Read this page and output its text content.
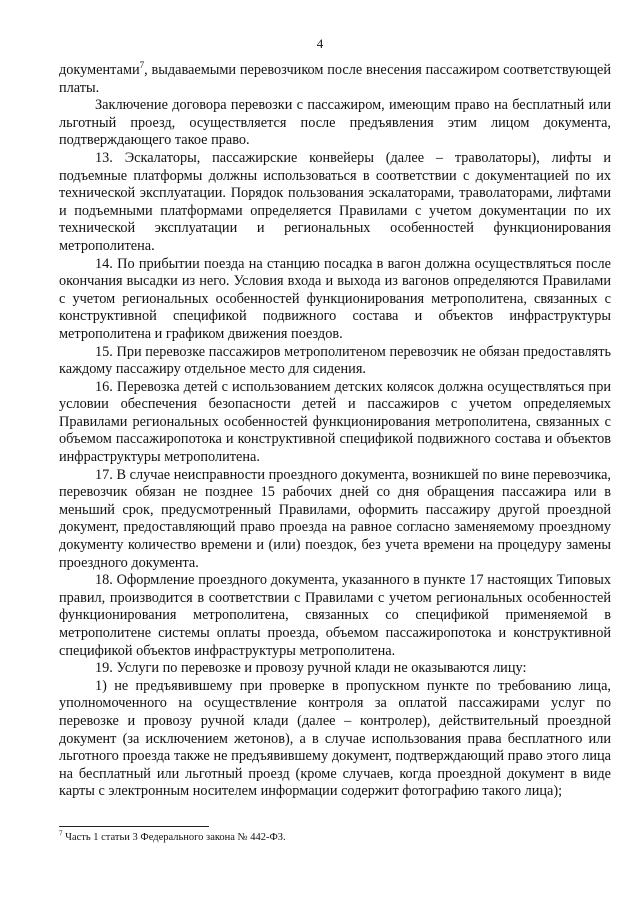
4

документами$^7$, выдаваемыми перевозчиком после внесения пассажиром соответствующей платы.

Заключение договора перевозки с пассажиром, имеющим право на бесплатный или льготный проезд, осуществляется после предъявления этим лицом документа, подтверждающего такое право.

13. Эскалаторы, пассажирские конвейеры (далее – траволаторы), лифты и подъемные платформы должны использоваться в соответствии с документацией по их технической эксплуатации. Порядок пользования эскалаторами, траволаторами, лифтами и подъемными платформами определяется Правилами с учетом документации по их технической эксплуатации и региональных особенностей функционирования метрополитена.

14. По прибытии поезда на станцию посадка в вагон должна осуществляться после окончания высадки из него. Условия входа и выхода из вагонов определяются Правилами с учетом региональных особенностей функционирования метрополитена, связанных с конструктивной спецификой подвижного состава и объектов инфраструктуры метрополитена и графиком движения поездов.

15. При перевозке пассажиров метрополитеном перевозчик не обязан предоставлять каждому пассажиру отдельное место для сидения.

16. Перевозка детей с использованием детских колясок должна осуществляться при условии обеспечения безопасности детей и пассажиров с учетом определяемых Правилами региональных особенностей функционирования метрополитена, связанных с объемом пассажиропотока и конструктивной спецификой подвижного состава и объектов инфраструктуры метрополитена.

17. В случае неисправности проездного документа, возникшей по вине перевозчика, перевозчик обязан не позднее 15 рабочих дней со дня обращения пассажира или в меньший срок, предусмотренный Правилами, оформить пассажиру другой проездной документ, предоставляющий право проезда на равное согласно заменяемому проездному документу количество времени и (или) поездок, без учета времени на процедуру замены проездного документа.

18. Оформление проездного документа, указанного в пункте 17 настоящих Типовых правил, производится в соответствии с Правилами с учетом региональных особенностей функционирования метрополитена, связанных со спецификой применяемой в метрополитене системы оплаты проезда, объемом пассажиропотока и конструктивной спецификой объектов инфраструктуры метрополитена.

19. Услуги по перевозке и провозу ручной клади не оказываются лицу:

1) не предъявившему при проверке в пропускном пункте по требованию лица, уполномоченного на осуществление контроля за оплатой пассажирами услуг по перевозке и провозу ручной клади (далее – контролер), действительный проездной документ (за исключением жетонов), а в случае использования права бесплатного или льготного проезда также не предъявившему документ, подтверждающий право этого лица на бесплатный или льготный проезд (кроме случаев, когда проездной документ в виде карты с электронным носителем информации содержит фотографию такого лица);

$^7$ Часть 1 статьи 3 Федерального закона № 442-ФЗ.
